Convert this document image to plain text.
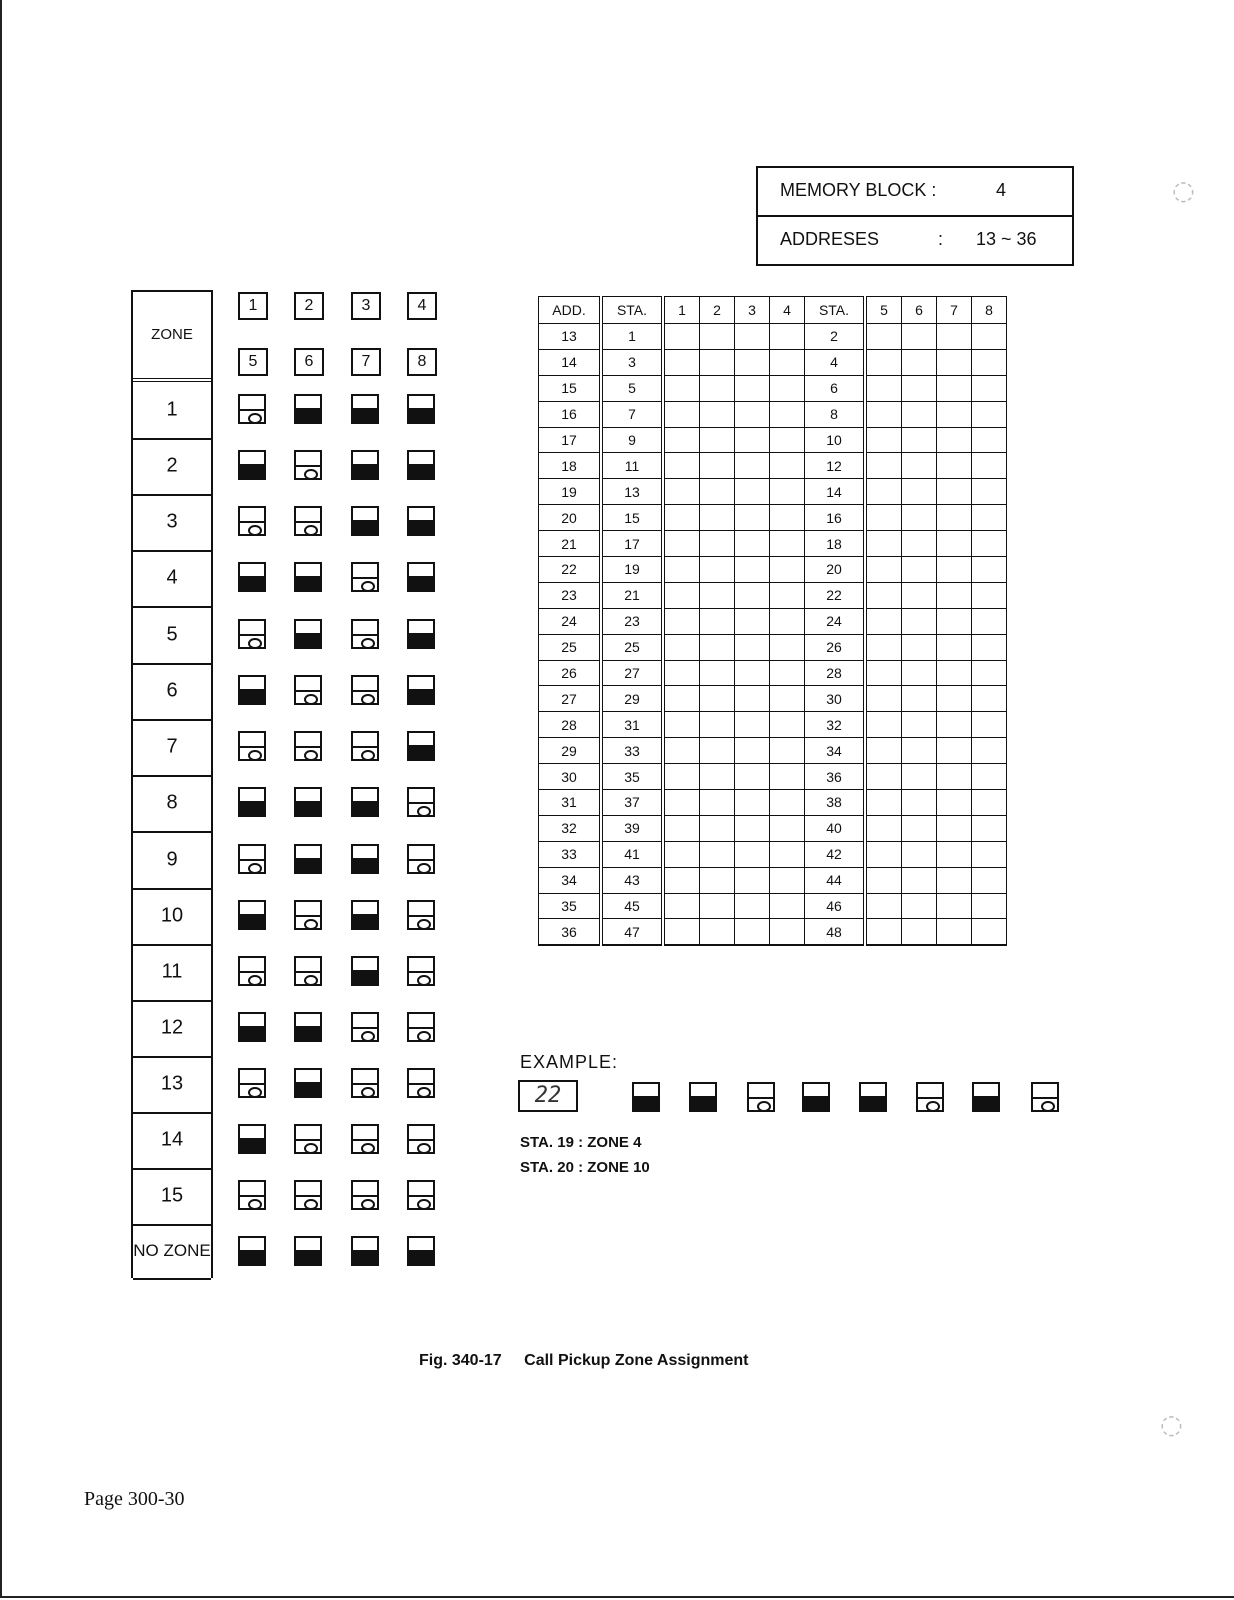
◌
◌
MEMORY BLOCK :	4
ADDRESES	: 13 ~ 36
ZONE
1
2
3
4
5
6
7
8
9
10
11
12
13
14
15
NO ZONE
1	2	3	4
5	6	7	8
ADD.	STA.	1	2	3	4	STA.	5	6	7	8
13	1					2				
14	3					4				
15	5					6				
16	7					8				
17	9					10				
18	11					12				
19	13					14				
20	15					16				
21	17					18				
22	19					20				
23	21					22				
24	23					24				
25	25					26				
26	27					28				
27	29					30				
28	31					32				
29	33					34				
30	35					36				
31	37					38				
32	39					40				
33	41					42				
34	43					44				
35	45					46				
36	47					48				
EXAMPLE:
22
STA. 19 : ZONE 4
STA. 20 : ZONE 10
Fig. 340-17 Call Pickup Zone Assignment
Page 300-30
